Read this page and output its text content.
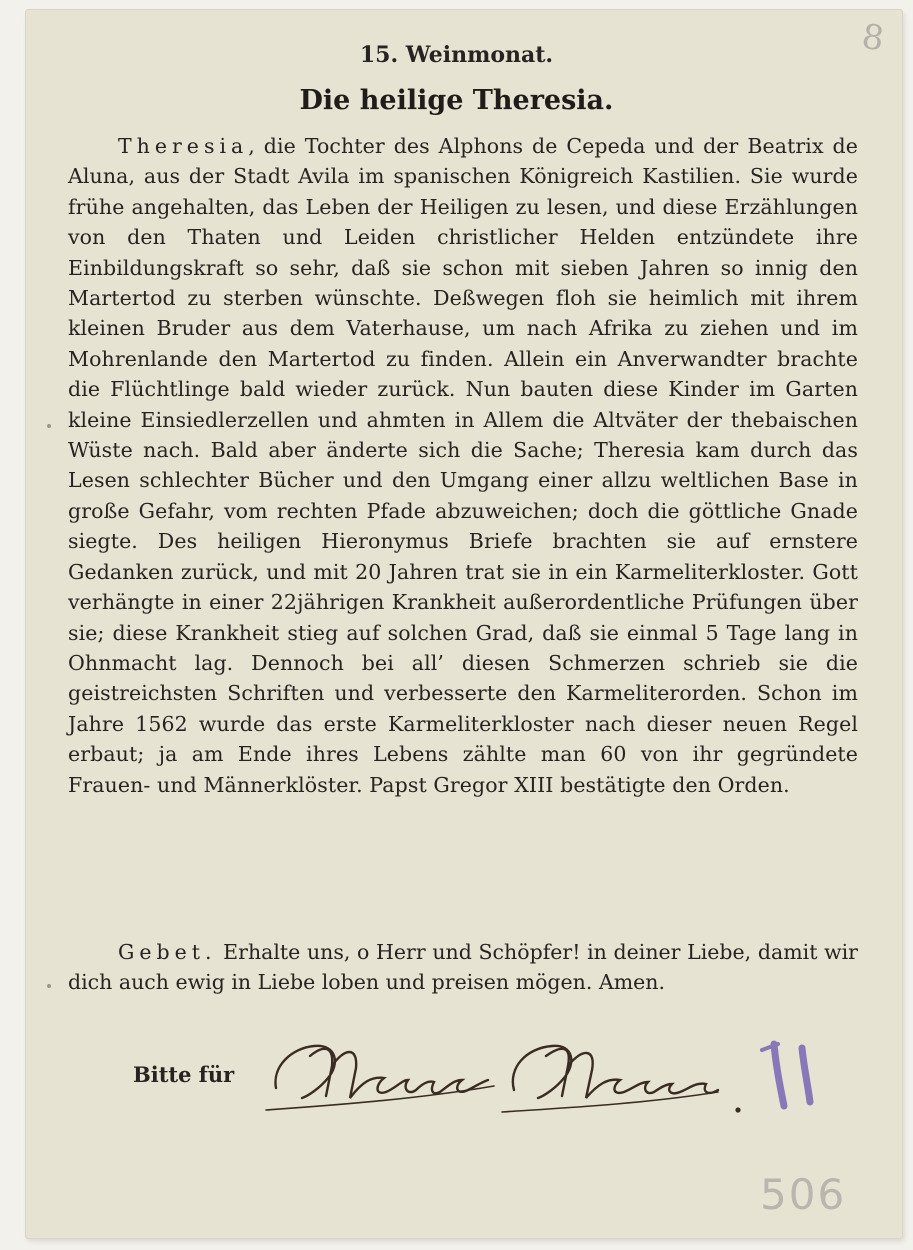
8
15. Weinmonat.
Die heilige Theresia.
Theresia, die Tochter des Alphons de Cepeda und der Beatrix de Aluna, aus der Stadt Avila im spanischen Königreich Kastilien. Sie wurde frühe angehalten, das Leben der Heiligen zu lesen, und diese Erzählungen von den Thaten und Leiden christlicher Helden entzündete ihre Einbildungskraft so sehr, daß sie schon mit sieben Jahren so innig den Martertod zu sterben wünschte. Deßwegen floh sie heimlich mit ihrem kleinen Bruder aus dem Vaterhause, um nach Afrika zu ziehen und im Mohrenlande den Martertod zu finden. Allein ein Anverwandter brachte die Flüchtlinge bald wieder zurück. Nun bauten diese Kinder im Garten kleine Einsiedlerzellen und ahmten in Allem die Altväter der thebaischen Wüste nach. Bald aber änderte sich die Sache; Theresia kam durch das Lesen schlechter Bücher und den Umgang einer allzu weltlichen Base in große Gefahr, vom rechten Pfade abzuweichen; doch die göttliche Gnade siegte. Des heiligen Hieronymus Briefe brachten sie auf ernstere Gedanken zurück, und mit 20 Jahren trat sie in ein Karmeliterkloster. Gott verhängte in einer 22jährigen Krankheit außerordentliche Prüfungen über sie; diese Krankheit stieg auf solchen Grad, daß sie einmal 5 Tage lang in Ohnmacht lag. Dennoch bei all’ diesen Schmerzen schrieb sie die geistreichsten Schriften und verbesserte den Karmeliterorden. Schon im Jahre 1562 wurde das erste Karmeliterkloster nach dieser neuen Regel erbaut; ja am Ende ihres Lebens zählte man 60 von ihr gegründete Frauen- und Männerklöster. Papst Gregor XIII bestätigte den Orden.
Gebet. Erhalte uns, o Herr und Schöpfer! in deiner Liebe, damit wir dich auch ewig in Liebe loben und preisen mögen. Amen.
Bitte für
506
